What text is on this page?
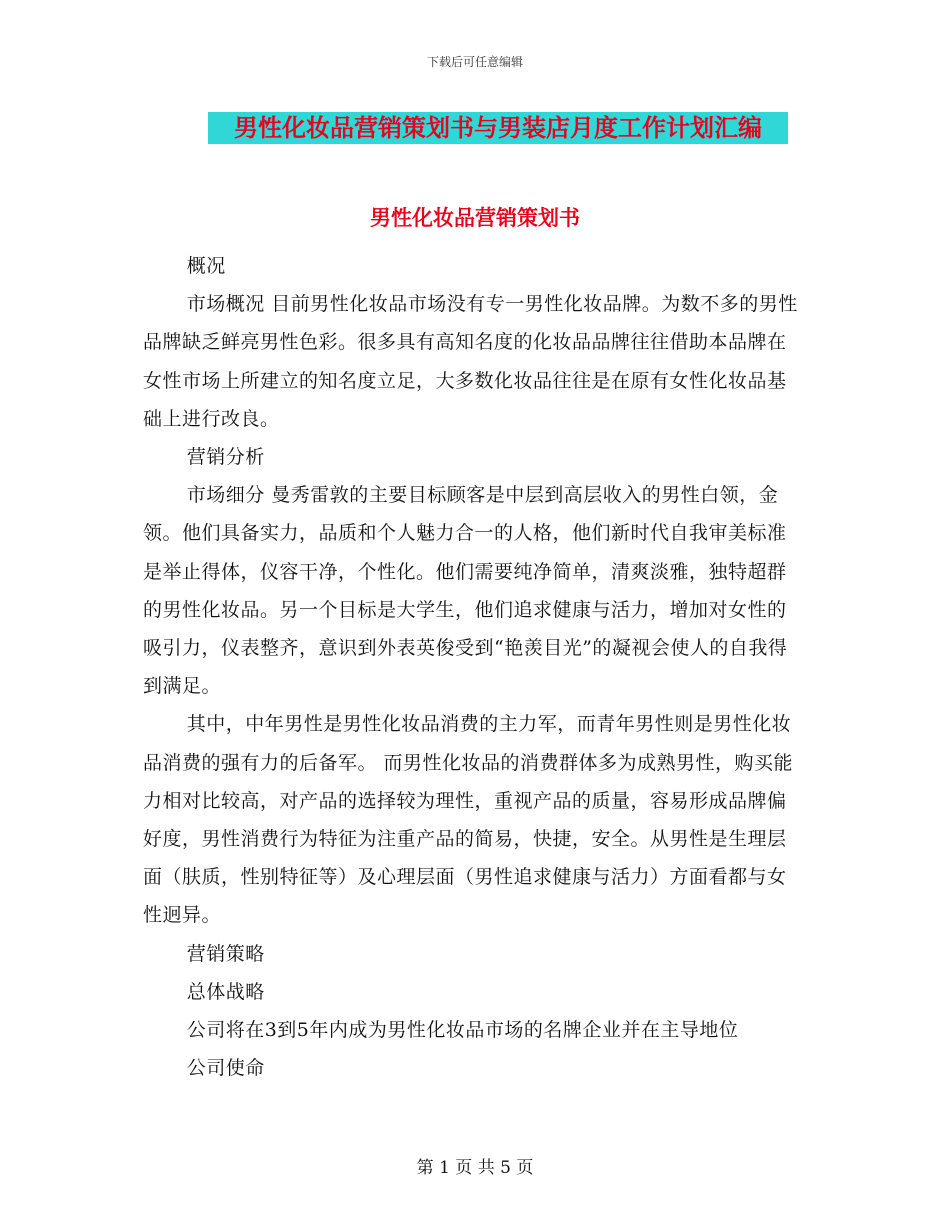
下载后可任意编辑
男性化妆品营销策划书与男装店月度工作计划汇编
男性化妆品营销策划书

概况

市场概况 目前男性化妆品市场没有专一男性化妆品牌。为数不多的男性品牌缺乏鲜亮男性色彩。很多具有高知名度的化妆品品牌往往借助本品牌在女性市场上所建立的知名度立足，大多数化妆品往往是在原有女性化妆品基础上进行改良。

营销分析

市场细分 曼秀雷敦的主要目标顾客是中层到高层收入的男性白领，金领。他们具备实力，品质和个人魅力合一的人格，他们新时代自我审美标准是举止得体，仪容干净，个性化。他们需要纯净简单，清爽淡雅，独特超群的男性化妆品。另一个目标是大学生，他们追求健康与活力，增加对女性的吸引力，仪表整齐，意识到外表英俊受到“艳羡目光”的凝视会使人的自我得到满足。

其中，中年男性是男性化妆品消费的主力军，而青年男性则是男性化妆品消费的强有力的后备军。 而男性化妆品的消费群体多为成熟男性，购买能力相对比较高，对产品的选择较为理性，重视产品的质量，容易形成品牌偏好度，男性消费行为特征为注重产品的简易，快捷，安全。从男性是生理层面（肤质，性别特征等）及心理层面（男性追求健康与活力）方面看都与女性迥异。

营销策略

总体战略

公司将在3到5年内成为男性化妆品市场的名牌企业并在主导地位

公司使命

第 1 页 共 5 页
